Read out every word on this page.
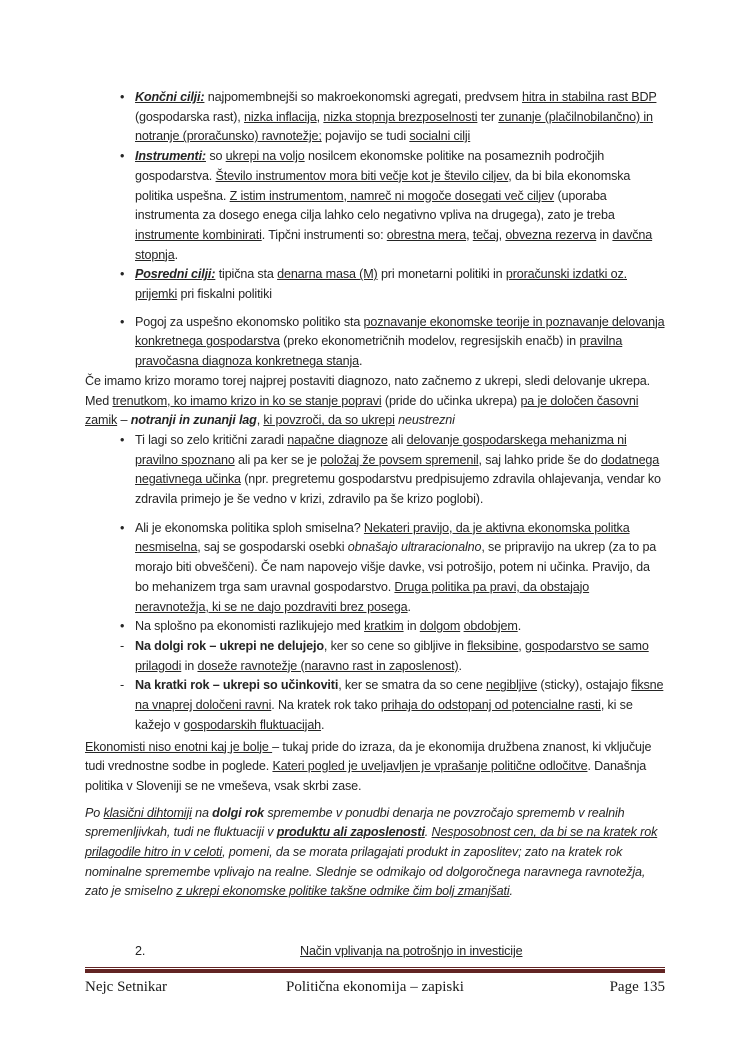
• Končni cilji: najpomembnejši so makroekonomski agregati, predvsem hitra in stabilna rast BDP (gospodarska rast), nizka inflacija, nizka stopnja brezposelnosti ter zunanje (plačilnobilančno) in notranje (proračunsko) ravnotežje; pojavijo se tudi socialni cilji
• Instrumenti: so ukrepi na voljo nosilcem ekonomske politike na posameznih področjih gospodarstva. Število instrumentov mora biti večje kot je število ciljev, da bi bila ekonomska politika uspešna. Z istim instrumentom, namreč ni mogoče dosegati več ciljev (uporaba instrumenta za dosego enega cilja lahko celo negativno vpliva na drugega), zato je treba instrumente kombinirati. Tipčni instrumenti so: obrestna mera, tečaj, obvezna rezerva in davčna stopnja.
• Posredni cilji: tipična sta denarna masa (M) pri monetarni politiki in proračunski izdatki oz. prijemki pri fiskalni politiki
• Pogoj za uspešno ekonomsko politiko sta poznavanje ekonomske teorije in poznavanje delovanja konkretnega gospodarstva (preko ekonometričnih modelov, regresijskih enačb) in pravilna pravočasna diagnoza konkretnega stanja.
Če imamo krizo moramo torej najprej postaviti diagnozo, nato začnemo z ukrepi, sledi delovanje ukrepa. Med trenutkom, ko imamo krizo in ko se stanje popravi (pride do učinka ukrepa) pa je določen časovni zamik – notranji in zunanji lag, ki povzroči, da so ukrepi neustrezni
• Ti lagi so zelo kritični zaradi napačne diagnoze ali delovanje gospodarskega mehanizma ni pravilno spoznano ali pa ker se je položaj že povsem spremenil, saj lahko pride še do dodatnega negativnega učinka (npr. pregretemu gospodarstvu predpisujemo zdravila ohlajevanja, vendar ko zdravila primejo je še vedno v krizi, zdravilo pa še krizo poglobi).
• Ali je ekonomska politika sploh smiselna? Nekateri pravijo, da je aktivna ekonomska politka nesmiselna, saj se gospodarski osebki obnašajo ultraracionalno, se pripravijo na ukrep (za to pa morajo biti obveščeni). Če nam napovejo višje davke, vsi potrošijo, potem ni učinka. Pravijo, da bo mehanizem trga sam uravnal gospodarstvo. Druga politika pa pravi, da obstajajo neravnotežja, ki se ne dajo pozdraviti brez posega.
• Na splošno pa ekonomisti razlikujejo med kratkim in dolgom obdobjem.
- Na dolgi rok – ukrepi ne delujejo, ker so cene so gibljive in fleksibine, gospodarstvo se samo prilagodi in doseže ravnotežje (naravno rast in zaposlenost).
- Na kratki rok – ukrepi so učinkoviti, ker se smatra da so cene negibljive (sticky), ostajajo fiksne na vnaprej določeni ravni. Na kratek rok tako prihaja do odstopanj od potencialne rasti, ki se kažejo v gospodarskih fluktuacijah.
Ekonomisti niso enotni kaj je bolje – tukaj pride do izraza, da je ekonomija družbena znanost, ki vključuje tudi vrednostne sodbe in poglede. Kateri pogled je uveljavljen je vprašanje politične odločitve. Današnja politika v Sloveniji se ne vmeševa, vsak skrbi zase.
Po klasični dihtomiji na dolgi rok spremembe v ponudbi denarja ne povzročajo sprememb v realnih spremenljivkah, tudi ne fluktuaciji v produktu ali zaposlenosti. Nesposobnost cen, da bi se na kratek rok prilagodile hitro in v celoti, pomeni, da se morata prilagajati produkt in zaposlitev; zato na kratek rok nominalne spremembe vplivajo na realne. Slednje se odmikajo od dolgoročnega naravnega ravnotežja, zato je smiselno z ukrepi ekonomske politike takšne odmike čim bolj zmanjšati.
2.	Način vplivanja na potrošnjo in investicije
Nejc Setnikar	Politična ekonomija – zapiski	Page 135
